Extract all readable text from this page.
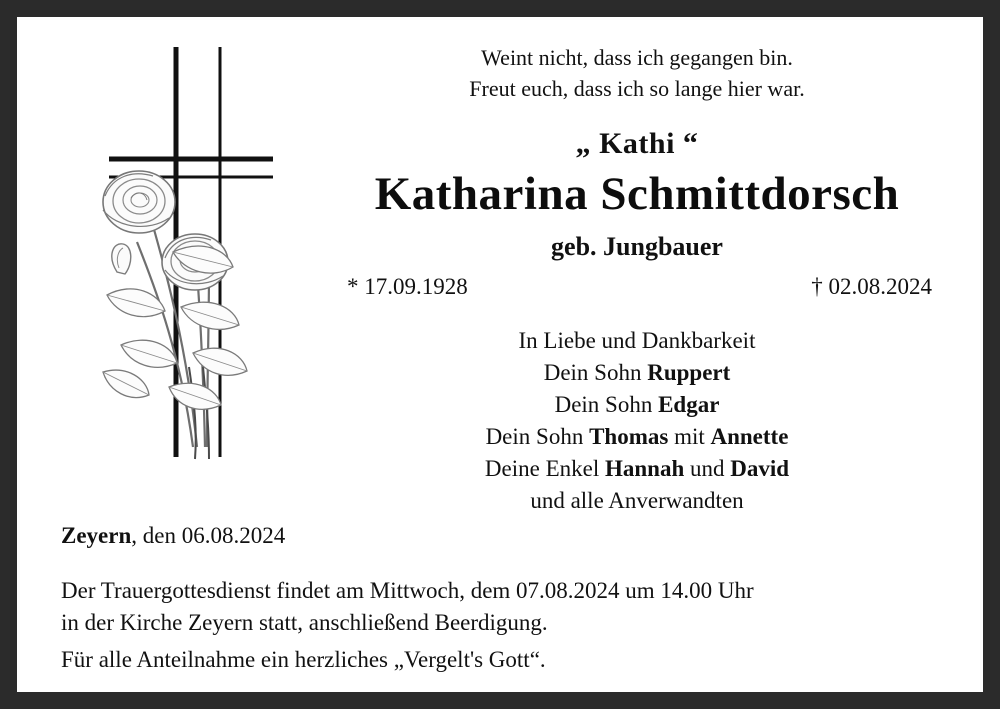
Weint nicht, dass ich gegangen bin.
Freut euch, dass ich so lange hier war.
„ Kathi “
Katharina Schmittdorsch
geb. Jungbauer
* 17.09.1928	† 02.08.2024
In Liebe und Dankbarkeit
Dein Sohn Ruppert
Dein Sohn Edgar
Dein Sohn Thomas mit Annette
Deine Enkel Hannah und David
und alle Anverwandten
Zeyern, den 06.08.2024
Der Trauergottesdienst findet am Mittwoch, dem 07.08.2024 um 14.00 Uhr
in der Kirche Zeyern statt, anschließend Beerdigung.
Für alle Anteilnahme ein herzliches „Vergelt's Gott“.
